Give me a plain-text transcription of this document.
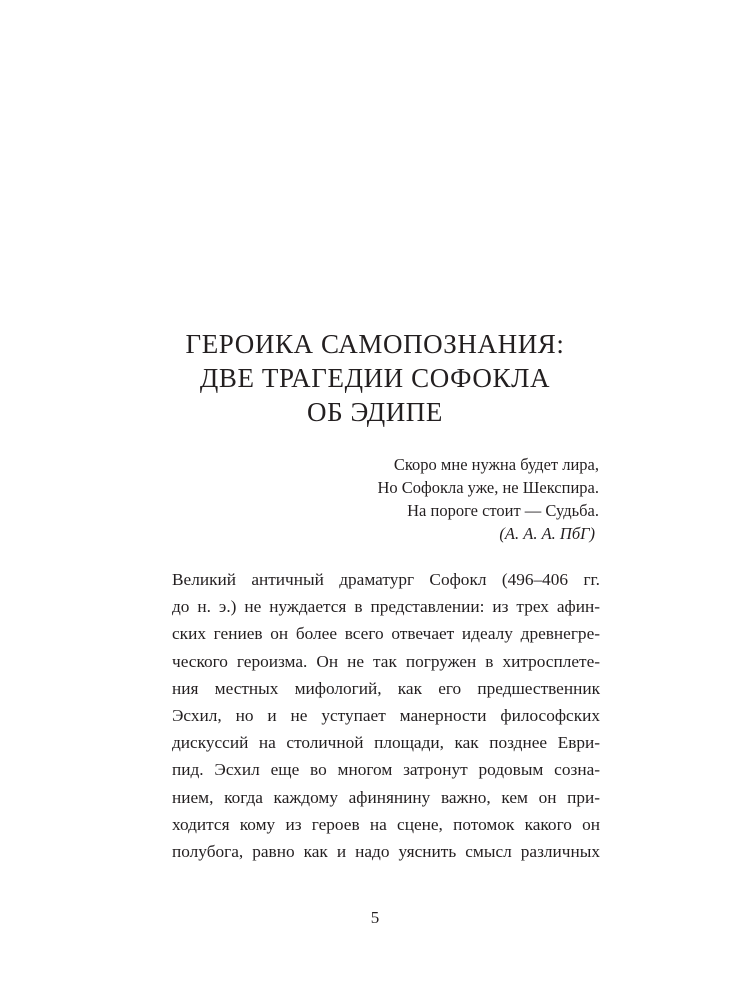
ГЕРОИКА САМОПОЗНАНИЯ:
ДВЕ ТРАГЕДИИ СОФОКЛА
ОБ ЭДИПЕ
Скоро мне нужна будет лира,
Но Софокла уже, не Шекспира.
На пороге стоит — Судьба.
(А. А. А. ПбГ)
Великий античный драматург Софокл (496–406 гг.
до н. э.) не нуждается в представлении: из трех афин-
ских гениев он более всего отвечает идеалу древнегре-
ческого героизма. Он не так погружен в хитросплете-
ния местных мифологий, как его предшественник
Эсхил, но и не уступает манерности философских
дискуссий на столичной площади, как позднее Еври-
пид. Эсхил еще во многом затронут родовым созна-
нием, когда каждому афинянину важно, кем он при-
ходится кому из героев на сцене, потомок какого он
полубога, равно как и надо уяснить смысл различных
5
